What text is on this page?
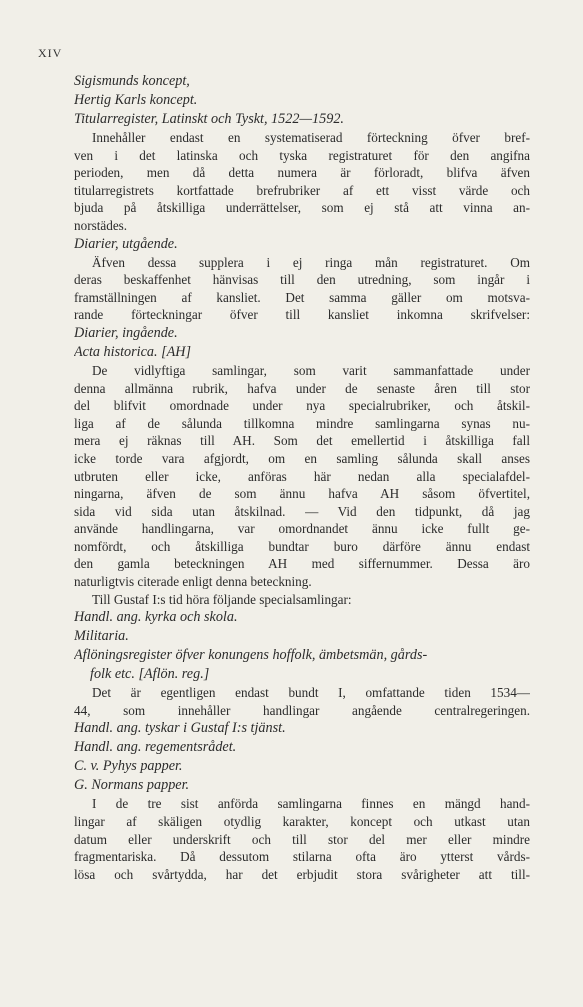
XIV
Sigismunds koncept,
Hertig Karls koncept.
Titularregister, Latinskt och Tyskt, 1522—1592.
Innehåller endast en systematiserad förteckning öfver bref-
ven i det latinska och tyska registraturet för den angifna
perioden, men då detta numera är förloradt, blifva äfven
titularregistrets kortfattade brefrubriker af ett visst värde och
bjuda på åtskilliga underrättelser, som ej stå att vinna an-
norstädes.
Diarier, utgående.
Äfven dessa supplera i ej ringa mån registraturet. Om
deras beskaffenhet hänvisas till den utredning, som ingår i
framställningen af kansliet. Det samma gäller om motsva-
rande förteckningar öfver till kansliet inkomna skrifvelser:
Diarier, ingående.
Acta historica. [AH]
De vidlyftiga samlingar, som varit sammanfattade under
denna allmänna rubrik, hafva under de senaste åren till stor
del blifvit omordnade under nya specialrubriker, och åtskil-
liga af de sålunda tillkomna mindre samlingarna synas nu-
mera ej räknas till AH. Som det emellertid i åtskilliga fall
icke torde vara afgjordt, om en samling sålunda skall anses
utbruten eller icke, anföras här nedan alla specialafdel-
ningarna, äfven de som ännu hafva AH såsom öfvertitel,
sida vid sida utan åtskilnad. — Vid den tidpunkt, då jag
använde handlingarna, var omordnandet ännu icke fullt ge-
nomfördt, och åtskilliga bundtar buro därföre ännu endast
den gamla beteckningen AH med siffernummer. Dessa äro
naturligtvis citerade enligt denna beteckning.
Till Gustaf I:s tid höra följande specialsamlingar:
Handl. ang. kyrka och skola.
Militaria.
Aflöningsregister öfver konungens hoffolk, ämbetsmän, gårds-
folk etc. [Aflön. reg.]
Det är egentligen endast bundt I, omfattande tiden 1534—
44, som innehåller handlingar angående centralregeringen.
Handl. ang. tyskar i Gustaf I:s tjänst.
Handl. ang. regementsrådet.
C. v. Pyhys papper.
G. Normans papper.
I de tre sist anförda samlingarna finnes en mängd hand-
lingar af skäligen otydlig karakter, koncept och utkast utan
datum eller underskrift och till stor del mer eller mindre
fragmentariska. Då dessutom stilarna ofta äro ytterst vårds-
lösa och svårtydda, har det erbjudit stora svårigheter att till-
